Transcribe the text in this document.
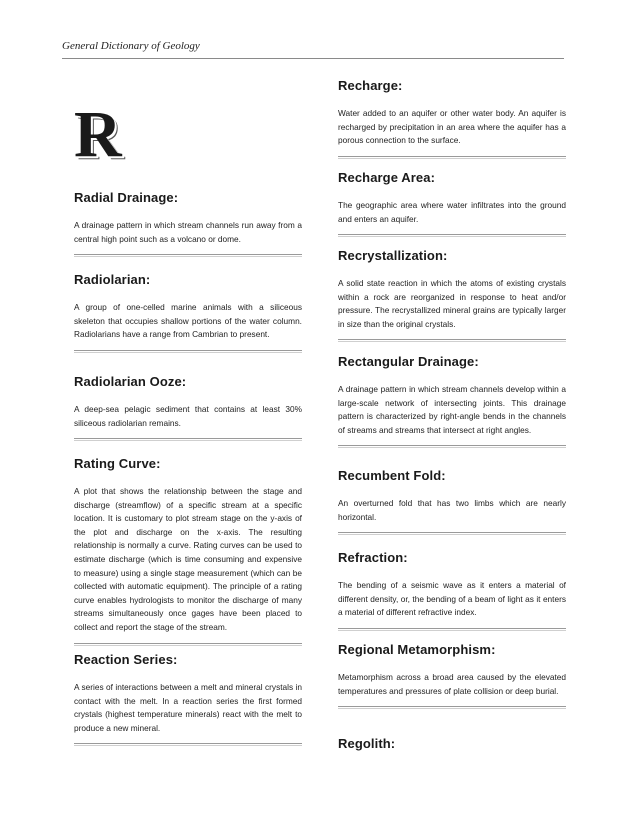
General Dictionary of Geology
R
Radial Drainage:

A drainage pattern in which stream channels run away from a central high point such as a volcano or dome.

Radiolarian:

A group of one-celled marine animals with a siliceous skeleton that occupies shallow portions of the water column. Radiolarians have a range from Cambrian to present.

Radiolarian Ooze:

A deep-sea pelagic sediment that contains at least 30% siliceous radiolarian remains.

Rating Curve:

A plot that shows the relationship between the stage and discharge (streamflow) of a specific stream at a specific location. It is customary to plot stream stage on the y-axis of the plot and discharge on the x-axis. The resulting relationship is normally a curve. Rating curves can be used to estimate discharge (which is time consuming and expensive to measure) using a single stage measurement (which can be collected with automatic equipment). The principle of a rating curve enables hydrologists to monitor the discharge of many streams simultaneously once gages have been placed to collect and report the stage of the stream.

Reaction Series:

A series of interactions between a melt and mineral crystals in contact with the melt. In a reaction series the first formed crystals (highest temperature minerals) react with the melt to produce a new mineral.

Recharge:

Water added to an aquifer or other water body. An aquifer is recharged by precipitation in an area where the aquifer has a porous connection to the surface.

Recharge Area:

The geographic area where water infiltrates into the ground and enters an aquifer.

Recrystallization:

A solid state reaction in which the atoms of existing crystals within a rock are reorganized in response to heat and/or pressure. The recrystallized mineral grains are typically larger in size than the original crystals.

Rectangular Drainage:

A drainage pattern in which stream channels develop within a large-scale network of intersecting joints. This drainage pattern is characterized by right-angle bends in the channels of streams and streams that intersect at right angles.

Recumbent Fold:

An overturned fold that has two limbs which are nearly horizontal.

Refraction:

The bending of a seismic wave as it enters a material of different density, or, the bending of a beam of light as it enters a material of different refractive index.

Regional Metamorphism:

Metamorphism across a broad area caused by the elevated temperatures and pressures of plate collision or deep burial.

Regolith:
